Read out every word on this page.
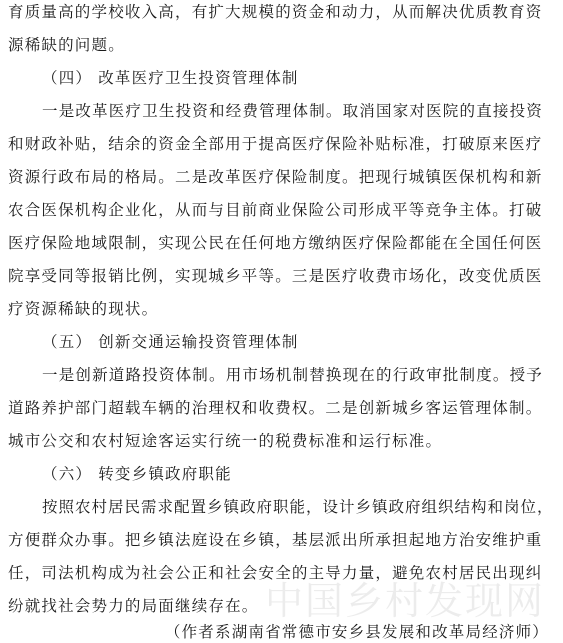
育质量高的学校收入高，有扩大规模的资金和动力，从而解决优质教育资
源稀缺的问题。
（四） 改革医疗卫生投资管理体制
一是改革医疗卫生投资和经费管理体制。取消国家对医院的直接投资
和财政补贴，结余的资金全部用于提高医疗保险补贴标准，打破原来医疗
资源行政布局的格局。二是改革医疗保险制度。把现行城镇医保机构和新
农合医保机构企业化，从而与目前商业保险公司形成平等竞争主体。打破
医疗保险地域限制，实现公民在任何地方缴纳医疗保险都能在全国任何医
院享受同等报销比例，实现城乡平等。三是医疗收费市场化，改变优质医
疗资源稀缺的现状。
（五） 创新交通运输投资管理体制
一是创新道路投资体制。用市场机制替换现在的行政审批制度。授予
道路养护部门超载车辆的治理权和收费权。二是创新城乡客运管理体制。
城市公交和农村短途客运实行统一的税费标准和运行标准。
（六） 转变乡镇政府职能
按照农村居民需求配置乡镇政府职能，设计乡镇政府组织结构和岗位，
方便群众办事。把乡镇法庭设在乡镇，基层派出所承担起地方治安维护重
任，司法机构成为社会公正和社会安全的主导力量，避免农村居民出现纠
纷就找社会势力的局面继续存在。 中国乡村发现网
（作者系湖南省常德市安乡县发展和改革局经济师）
